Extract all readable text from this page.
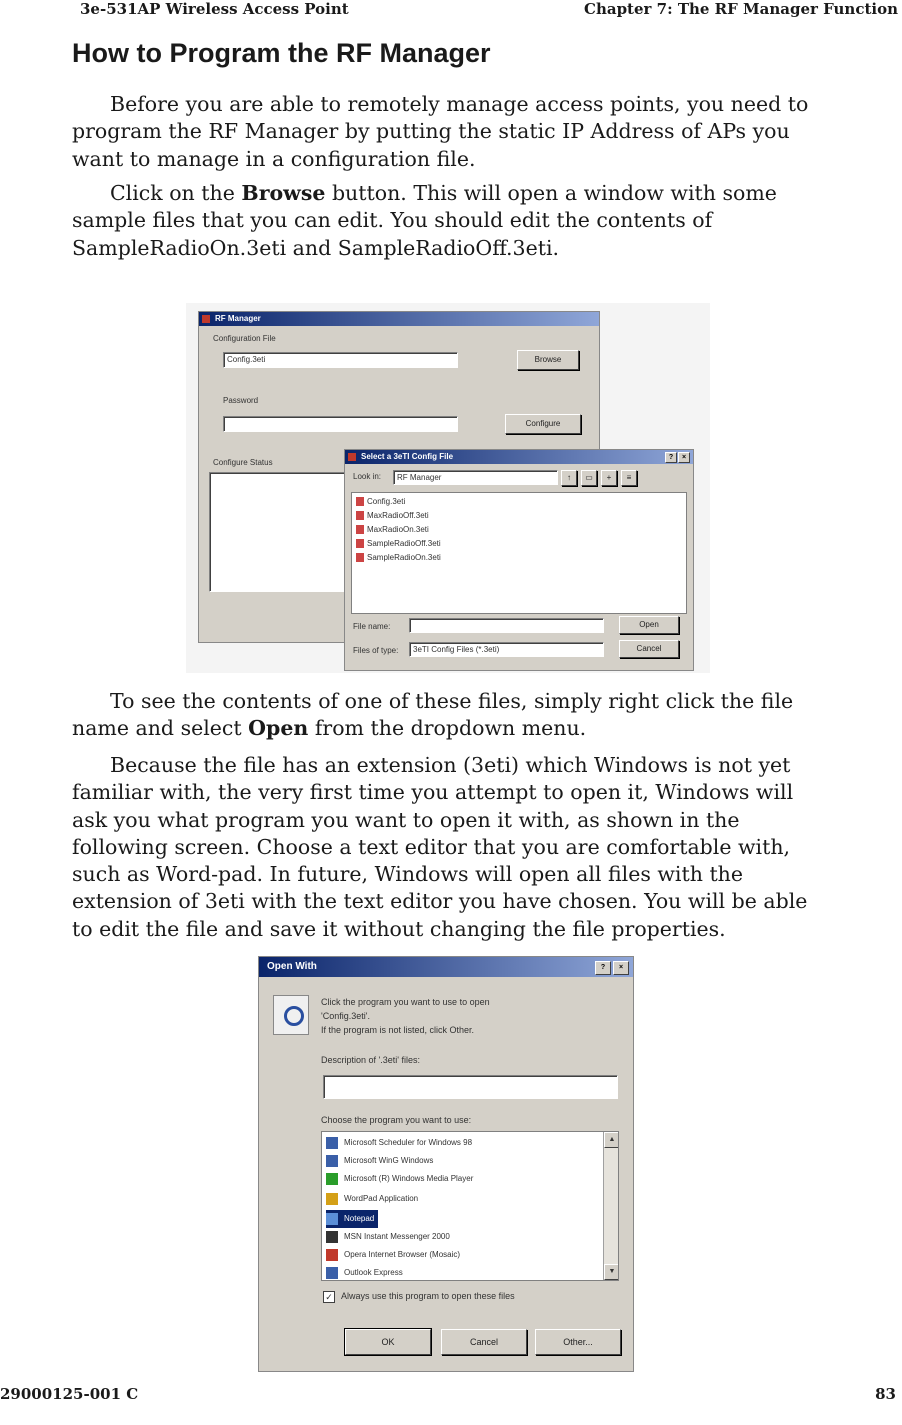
3e-531AP Wireless Access Point	Chapter 7: The RF Manager Function
How to Program the RF Manager

Before you are able to remotely manage access points, you need to program the RF Manager by putting the static IP Address of APs you want to manage in a configuration file.

Click on the Browse button. This will open a window with some sample files that you can edit. You should edit the contents of SampleRadioOn.3eti and SampleRadioOff.3eti.

RF Manager
Configuration File
Config.3eti	Browse
Password
Configure
Configure Status
Select a 3eTI Config File	?	×
Look in:	RF Manager	↑	▭	+	≡
Config.3eti
MaxRadioOff.3eti
MaxRadioOn.3eti
SampleRadioOff.3eti
SampleRadioOn.3eti
File name:	Open
Files of type:	3eTI Config Files (*.3eti)	Cancel

To see the contents of one of these files, simply right click the file name and select Open from the dropdown menu.

Because the file has an extension (3eti) which Windows is not yet familiar with, the very first time you attempt to open it, Windows will ask you what program you want to open it with, as shown in the following screen. Choose a text editor that you are comfortable with, such as Word-pad. In future, Windows will open all files with the extension of 3eti with the text editor you have chosen. You will be able to edit the file and save it without changing the file properties.

Open With	?	×
Click the program you want to use to open
'Config.3eti'.
If the program is not listed, click Other.
Description of '.3eti' files:
Choose the program you want to use:
Microsoft Scheduler for Windows 98
Microsoft WinG Windows
Microsoft (R) Windows Media Player
WordPad Application
Notepad
MSN Instant Messenger 2000
Opera Internet Browser (Mosaic)
Outlook Express
▲
▼
✓ Always use this program to open these files
OK	Cancel	Other...
29000125-001 C	83
